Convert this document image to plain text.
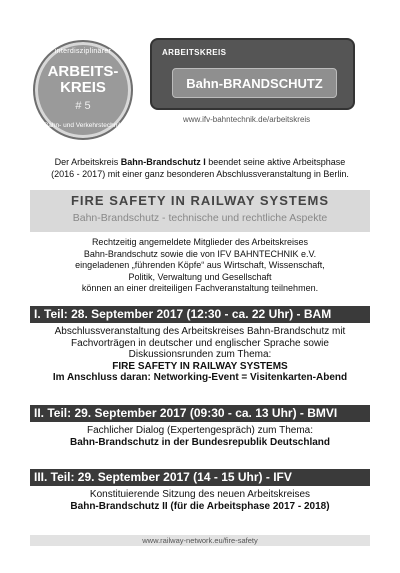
interdisziplinärer
ARBEITS-
KREIS
# 5
Bahn- und Verkehrstechnik
ARBEITSKREIS
Bahn-BRANDSCHUTZ
www.ifv-bahntechnik.de/arbeitskreis
Der Arbeitskreis Bahn-Brandschutz I beendet seine aktive Arbeitsphase
(2016 - 2017) mit einer ganz besonderen Abschlussveranstaltung in Berlin.
FIRE SAFETY IN RAILWAY SYSTEMS
Bahn-Brandschutz - technische und rechtliche Aspekte
Rechtzeitig angemeldete Mitglieder des Arbeitskreises
Bahn-Brandschutz sowie die von IFV BAHNTECHNIK e.V.
eingeladenen „führenden Köpfe“ aus Wirtschaft, Wissenschaft,
Politik, Verwaltung und Gesellschaft
können an einer dreiteiligen Fachveranstaltung teilnehmen.
I. Teil: 28. September 2017 (12:30 - ca. 22 Uhr) - BAM
Abschlussveranstaltung des Arbeitskreises Bahn-Brandschutz mit
Fachvorträgen in deutscher und englischer Sprache sowie
Diskussionsrunden zum Thema:
FIRE SAFETY IN RAILWAY SYSTEMS
Im Anschluss daran: Networking-Event = Visitenkarten-Abend
II. Teil: 29. September 2017 (09:30 - ca. 13 Uhr) - BMVI
Fachlicher Dialog (Expertengespräch) zum Thema:
Bahn-Brandschutz in der Bundesrepublik Deutschland
III. Teil: 29. September 2017 (14 - 15 Uhr) - IFV
Konstituierende Sitzung des neuen Arbeitskreises
Bahn-Brandschutz II (für die Arbeitsphase 2017 - 2018)
www.railway-network.eu/fire-safety
